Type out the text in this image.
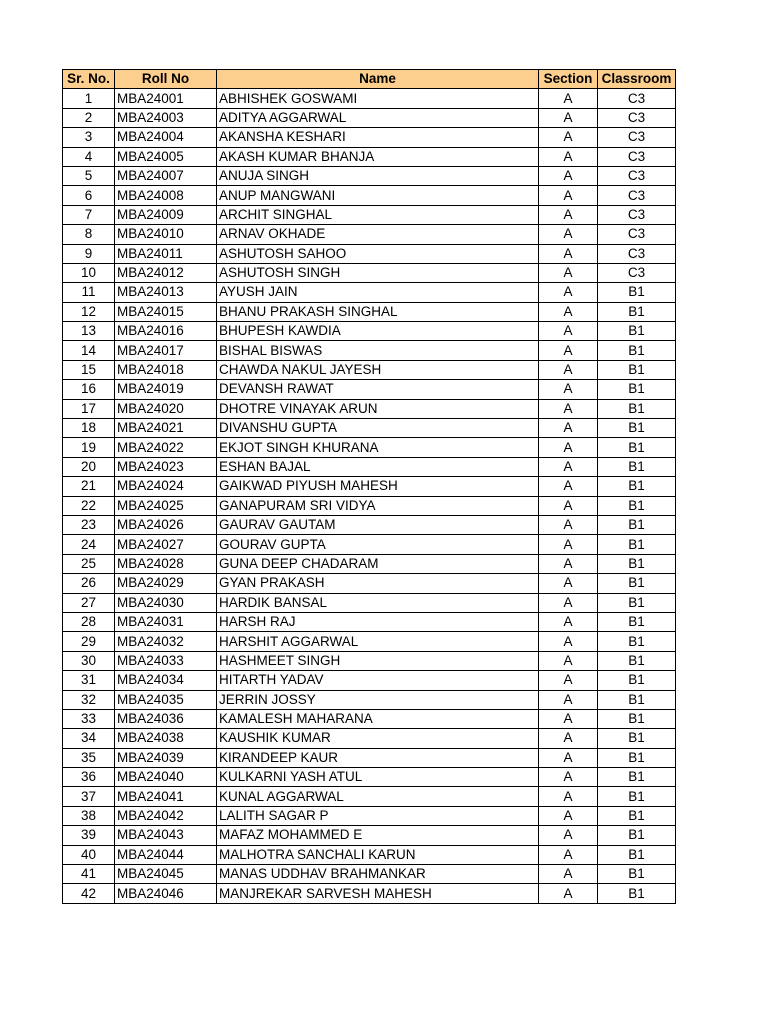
Sr. No.	Roll No	Name	Section	Classroom
1	MBA24001	ABHISHEK GOSWAMI	A	C3
2	MBA24003	ADITYA AGGARWAL	A	C3
3	MBA24004	AKANSHA KESHARI	A	C3
4	MBA24005	AKASH KUMAR BHANJA	A	C3
5	MBA24007	ANUJA SINGH	A	C3
6	MBA24008	ANUP MANGWANI	A	C3
7	MBA24009	ARCHIT SINGHAL	A	C3
8	MBA24010	ARNAV OKHADE	A	C3
9	MBA24011	ASHUTOSH SAHOO	A	C3
10	MBA24012	ASHUTOSH SINGH	A	C3
11	MBA24013	AYUSH JAIN	A	B1
12	MBA24015	BHANU PRAKASH SINGHAL	A	B1
13	MBA24016	BHUPESH KAWDIA	A	B1
14	MBA24017	BISHAL BISWAS	A	B1
15	MBA24018	CHAWDA NAKUL JAYESH	A	B1
16	MBA24019	DEVANSH RAWAT	A	B1
17	MBA24020	DHOTRE VINAYAK ARUN	A	B1
18	MBA24021	DIVANSHU GUPTA	A	B1
19	MBA24022	EKJOT SINGH KHURANA	A	B1
20	MBA24023	ESHAN BAJAL	A	B1
21	MBA24024	GAIKWAD PIYUSH MAHESH	A	B1
22	MBA24025	GANAPURAM SRI VIDYA	A	B1
23	MBA24026	GAURAV GAUTAM	A	B1
24	MBA24027	GOURAV GUPTA	A	B1
25	MBA24028	GUNA DEEP CHADARAM	A	B1
26	MBA24029	GYAN PRAKASH	A	B1
27	MBA24030	HARDIK BANSAL	A	B1
28	MBA24031	HARSH RAJ	A	B1
29	MBA24032	HARSHIT AGGARWAL	A	B1
30	MBA24033	HASHMEET SINGH	A	B1
31	MBA24034	HITARTH YADAV	A	B1
32	MBA24035	JERRIN JOSSY	A	B1
33	MBA24036	KAMALESH MAHARANA	A	B1
34	MBA24038	KAUSHIK KUMAR	A	B1
35	MBA24039	KIRANDEEP KAUR	A	B1
36	MBA24040	KULKARNI YASH ATUL	A	B1
37	MBA24041	KUNAL AGGARWAL	A	B1
38	MBA24042	LALITH SAGAR P	A	B1
39	MBA24043	MAFAZ MOHAMMED E	A	B1
40	MBA24044	MALHOTRA SANCHALI KARUN	A	B1
41	MBA24045	MANAS UDDHAV BRAHMANKAR	A	B1
42	MBA24046	MANJREKAR SARVESH MAHESH	A	B1
